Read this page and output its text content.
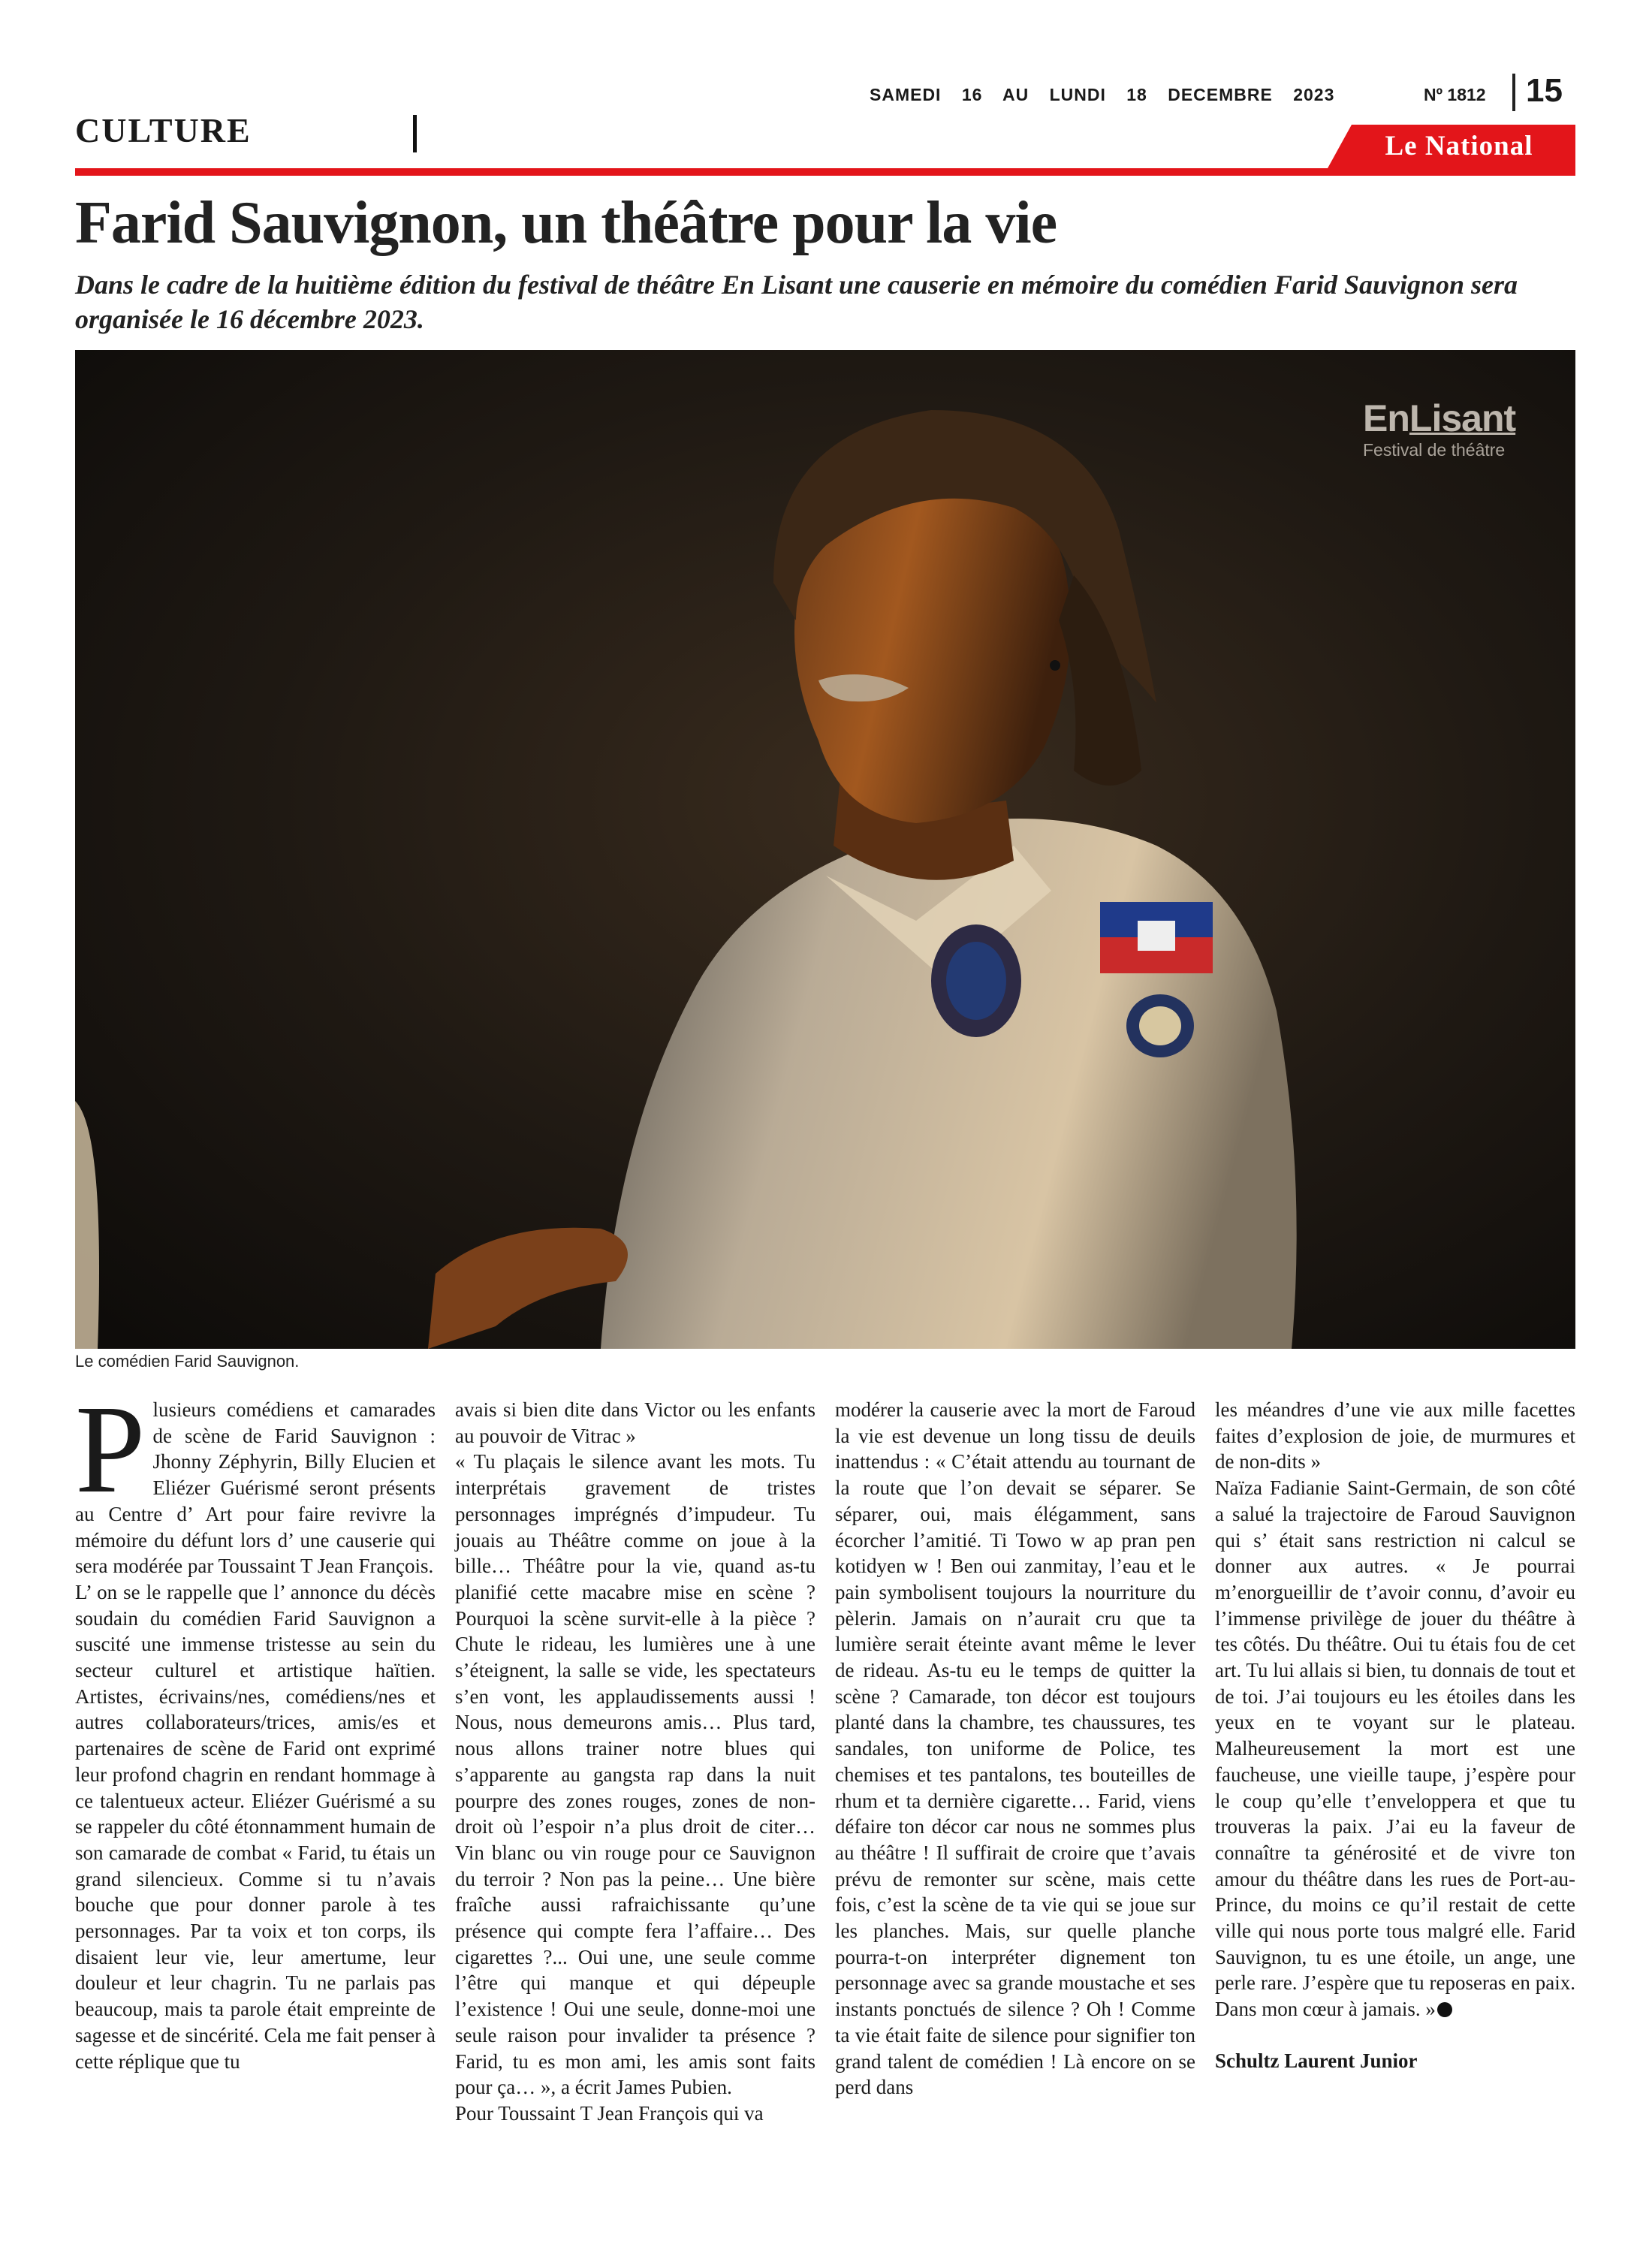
SAMEDI 16 AU LUNDI 18 DECEMBRE 2023	Nº 1812 15
CULTURE	Le National
Farid Sauvignon, un théâtre pour la vie
Dans le cadre de la huitième édition du festival de théâtre En Lisant une causerie en mémoire du comédien Farid Sauvignon sera organisée le 16 décembre 2023.
EnLisant
Festival de théâtre
Le comédien Farid Sauvignon.

Plusieurs comédiens et camarades de scène de Farid Sauvignon : Jhonny Zéphyrin, Billy Elucien et Eliézer Guérismé seront présents au Centre d’ Art pour faire revivre la mémoire du défunt lors d’ une causerie qui sera modérée par Toussaint T Jean François.

L’ on se le rappelle que l’ annonce du décès soudain du comédien Farid Sauvignon a suscité une immense tristesse au sein du secteur culturel et artistique haïtien. Artistes, écrivains/nes, comédiens/nes et autres collaborateurs/trices, amis/es et partenaires de scène de Farid ont exprimé leur profond chagrin en rendant hommage à ce talentueux acteur. Eliézer Guérismé a su se rappeler du côté étonnamment humain de son camarade de combat « Farid, tu étais un grand silencieux. Comme si tu n’avais bouche que pour donner parole à tes personnages. Par ta voix et ton corps, ils disaient leur vie, leur amertume, leur douleur et leur chagrin. Tu ne parlais pas beaucoup, mais ta parole était empreinte de sagesse et de sincérité. Cela me fait penser à cette réplique que tu

avais si bien dite dans Victor ou les enfants au pouvoir de Vitrac »

« Tu plaçais le silence avant les mots. Tu interprétais gravement de tristes personnages imprégnés d’impudeur. Tu jouais au Théâtre comme on joue à la bille… Théâtre pour la vie, quand as-tu planifié cette macabre mise en scène ? Pourquoi la scène survit-elle à la pièce ? Chute le rideau, les lumières une à une s’éteignent, la salle se vide, les spectateurs s’en vont, les applaudissements aussi ! Nous, nous demeurons amis… Plus tard, nous allons trainer notre blues qui s’apparente au gangsta rap dans la nuit pourpre des zones rouges, zones de non-droit où l’espoir n’a plus droit de citer… Vin blanc ou vin rouge pour ce Sauvignon du terroir ? Non pas la peine… Une bière fraîche aussi rafraichissante qu’une présence qui compte fera l’affaire… Des cigarettes ?... Oui une, une seule comme l’être qui manque et qui dépeuple l’existence ! Oui une seule, donne-moi une seule raison pour invalider ta présence ? Farid, tu es mon ami, les amis sont faits pour ça… », a écrit James Pubien.

Pour Toussaint T Jean François qui va

modérer la causerie avec la mort de Faroud la vie est devenue un long tissu de deuils inattendus : « C’était attendu au tournant de la route que l’on devait se séparer. Se séparer, oui, mais élégamment, sans écorcher l’amitié. Ti Towo w ap pran pen kotidyen w ! Ben oui zanmitay, l’eau et le pain symbolisent toujours la nourriture du pèlerin. Jamais on n’aurait cru que ta lumière serait éteinte avant même le lever de rideau. As-tu eu le temps de quitter la scène ? Camarade, ton décor est toujours planté dans la chambre, tes chaussures, tes sandales, ton uniforme de Police, tes chemises et tes pantalons, tes bouteilles de rhum et ta dernière cigarette… Farid, viens défaire ton décor car nous ne sommes plus au théâtre ! Il suffirait de croire que t’avais prévu de remonter sur scène, mais cette fois, c’est la scène de ta vie qui se joue sur les planches. Mais, sur quelle planche pourra-t-on interpréter dignement ton personnage avec sa grande moustache et ses instants ponctués de silence ? Oh ! Comme ta vie était faite de silence pour signifier ton grand talent de comédien ! Là encore on se perd dans

les méandres d’une vie aux mille facettes faites d’explosion de joie, de murmures et de non-dits »

Naïza Fadianie Saint-Germain, de son côté a salué la trajectoire de Faroud Sauvignon qui s’ était sans restriction ni calcul se donner aux autres. « Je pourrai m’enorgueillir de t’avoir connu, d’avoir eu l’immense privilège de jouer du théâtre à tes côtés. Du théâtre. Oui tu étais fou de cet art. Tu lui allais si bien, tu donnais de tout et de toi. J’ai toujours eu les étoiles dans les yeux en te voyant sur le plateau. Malheureusement la mort est une faucheuse, une vieille taupe, j’espère pour le coup qu’elle t’enveloppera et que tu trouveras la paix. J’ai eu la faveur de connaître ta générosité et de vivre ton amour du théâtre dans les rues de Port-au-Prince, du moins ce qu’il restait de cette ville qui nous porte tous malgré elle. Farid Sauvignon, tu es une étoile, un ange, une perle rare. J’espère que tu reposeras en paix. Dans mon cœur à jamais. »

Schultz Laurent Junior
